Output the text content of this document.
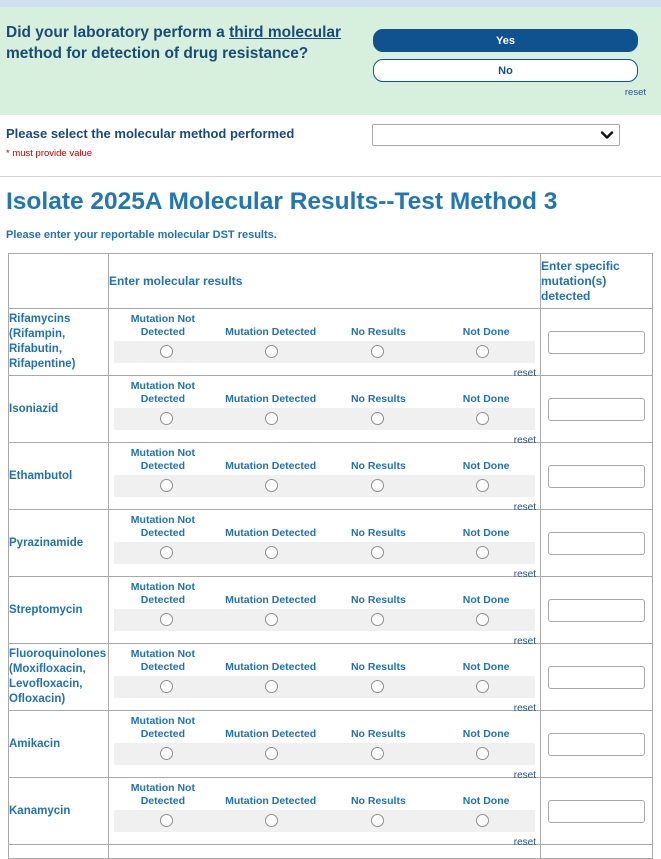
Did your laboratory perform a third molecular method for detection of drug resistance?
Yes
No
reset
Please select the molecular method performed
* must provide value
Isolate 2025A Molecular Results--Test Method 3
Please enter your reportable molecular DST results.
	Enter molecular results	Enter specific mutation(s) detected
Rifamycins (Rifampin, Rifabutin, Rifapentine)	Mutation Not Detected Mutation Detected No Results Not Done
reset

Isoniazid	Mutation Not Detected Mutation Detected No Results Not Done
reset

Ethambutol	Mutation Not Detected Mutation Detected No Results Not Done
reset

Pyrazinamide	Mutation Not Detected Mutation Detected No Results Not Done
reset

Streptomycin	Mutation Not Detected Mutation Detected No Results Not Done
reset

Fluoroquinolones (Moxifloxacin, Levofloxacin, Ofloxacin)	Mutation Not Detected Mutation Detected No Results Not Done
reset

Amikacin	Mutation Not Detected Mutation Detected No Results Not Done
reset

Kanamycin	Mutation Not Detected Mutation Detected No Results Not Done
reset
